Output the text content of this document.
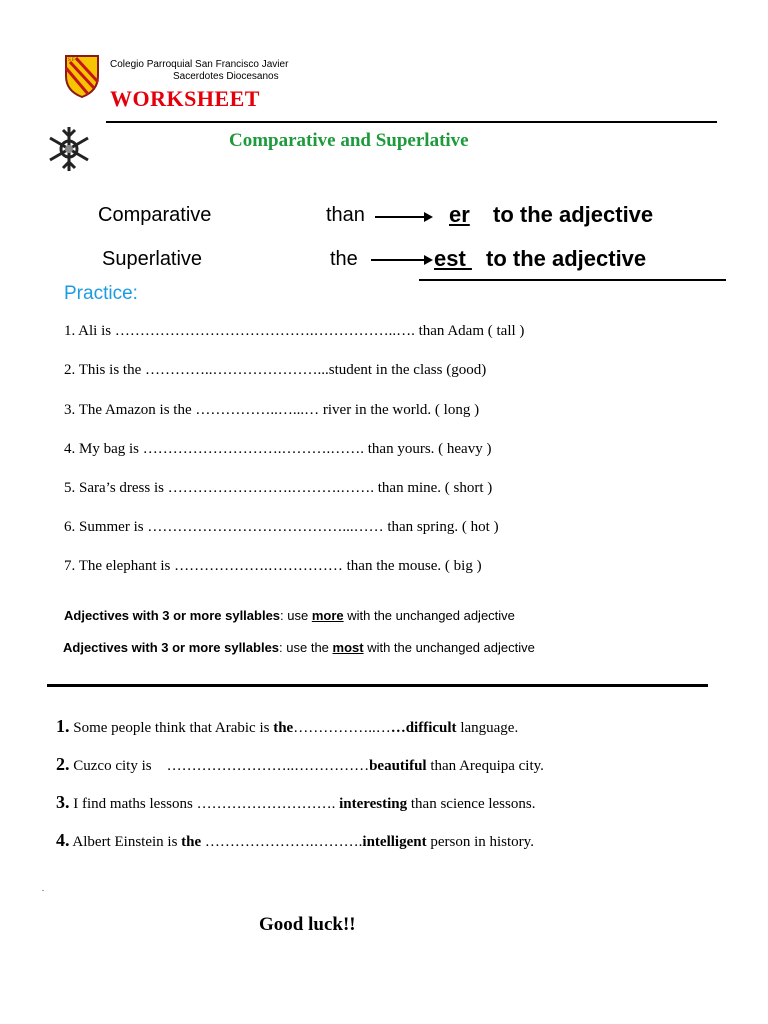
S F J	Colegio Parroquial San Francisco Javier
Sacerdotes Diocesanos
WORKSHEET
Comparative and Superlative
Comparative	than	er to the adjective
Superlative	the	est to the adjective
Practice:
1. Ali is ………………………………….……………..…. than Adam ( tall )
2. This is the …………..…………………...student in the class (good)
3. The Amazon is the ……………..…...… river in the world. ( long )
4. My bag is ……………………….……….……. than yours. ( heavy )
5. Sara’s dress is …………………….……….……. than mine. ( short )
6. Summer is …………………………………...…… than spring. ( hot )
7. The elephant is ……………….…………… than the mouse. ( big )
Adjectives with 3 or more syllables: use more with the unchanged adjective
Adjectives with 3 or more syllables: use the most with the unchanged adjective
1. Some people think that Arabic is the……………..……difficult language.
2. Cuzco city is    ……………………..……………beautiful than Arequipa city.
3. I find maths lessons ………………………. interesting than science lessons.
4. Albert Einstein is the ………………….……….intelligent person in history.
.
Good luck!!
